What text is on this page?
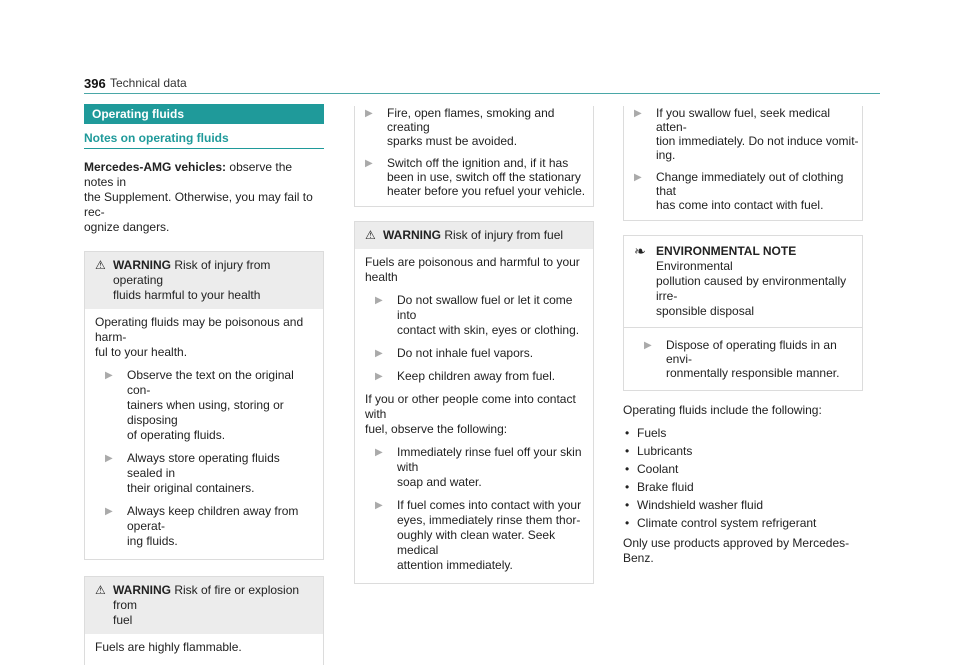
396 Technical data
Operating fluids
Notes on operating fluids

Mercedes-AMG vehicles: observe the notes in
the Supplement. Otherwise, you may fail to rec-
ognize dangers.

⚠ WARNING Risk of injury from operating
fluids harmful to your health

Operating fluids may be poisonous and harm-
ful to your health.

▶	Observe the text on the original con-
tainers when using, storing or disposing
of operating fluids.
▶	Always store operating fluids sealed in
their original containers.
▶	Always keep children away from operat-
ing fluids.
⚠ WARNING Risk of fire or explosion from
fuel

Fuels are highly flammable.

▶	Fire, open flames, smoking and creating
sparks must be avoided.
▶	Switch off the ignition and, if it has
been in use, switch off the stationary
heater before you refuel your vehicle.
⚠ WARNING Risk of injury from fuel

Fuels are poisonous and harmful to your
health

▶	Do not swallow fuel or let it come into
contact with skin, eyes or clothing.
▶	Do not inhale fuel vapors.
▶	Keep children away from fuel.

If you or other people come into contact with
fuel, observe the following:

▶	Immediately rinse fuel off your skin with
soap and water.
▶	If fuel comes into contact with your
eyes, immediately rinse them thor-
oughly with clean water. Seek medical
attention immediately.
▶	If you swallow fuel, seek medical atten-
tion immediately. Do not induce vomit-
ing.
▶	Change immediately out of clothing that
has come into contact with fuel.
❧ ENVIRONMENTAL NOTE Environmental
pollution caused by environmentally irre-
sponsible disposal
▶	Dispose of operating fluids in an envi-
ronmentally responsible manner.

Operating fluids include the following:

• Fuels
• Lubricants
• Coolant
• Brake fluid
• Windshield washer fluid
• Climate control system refrigerant

Only use products approved by Mercedes-Benz.
